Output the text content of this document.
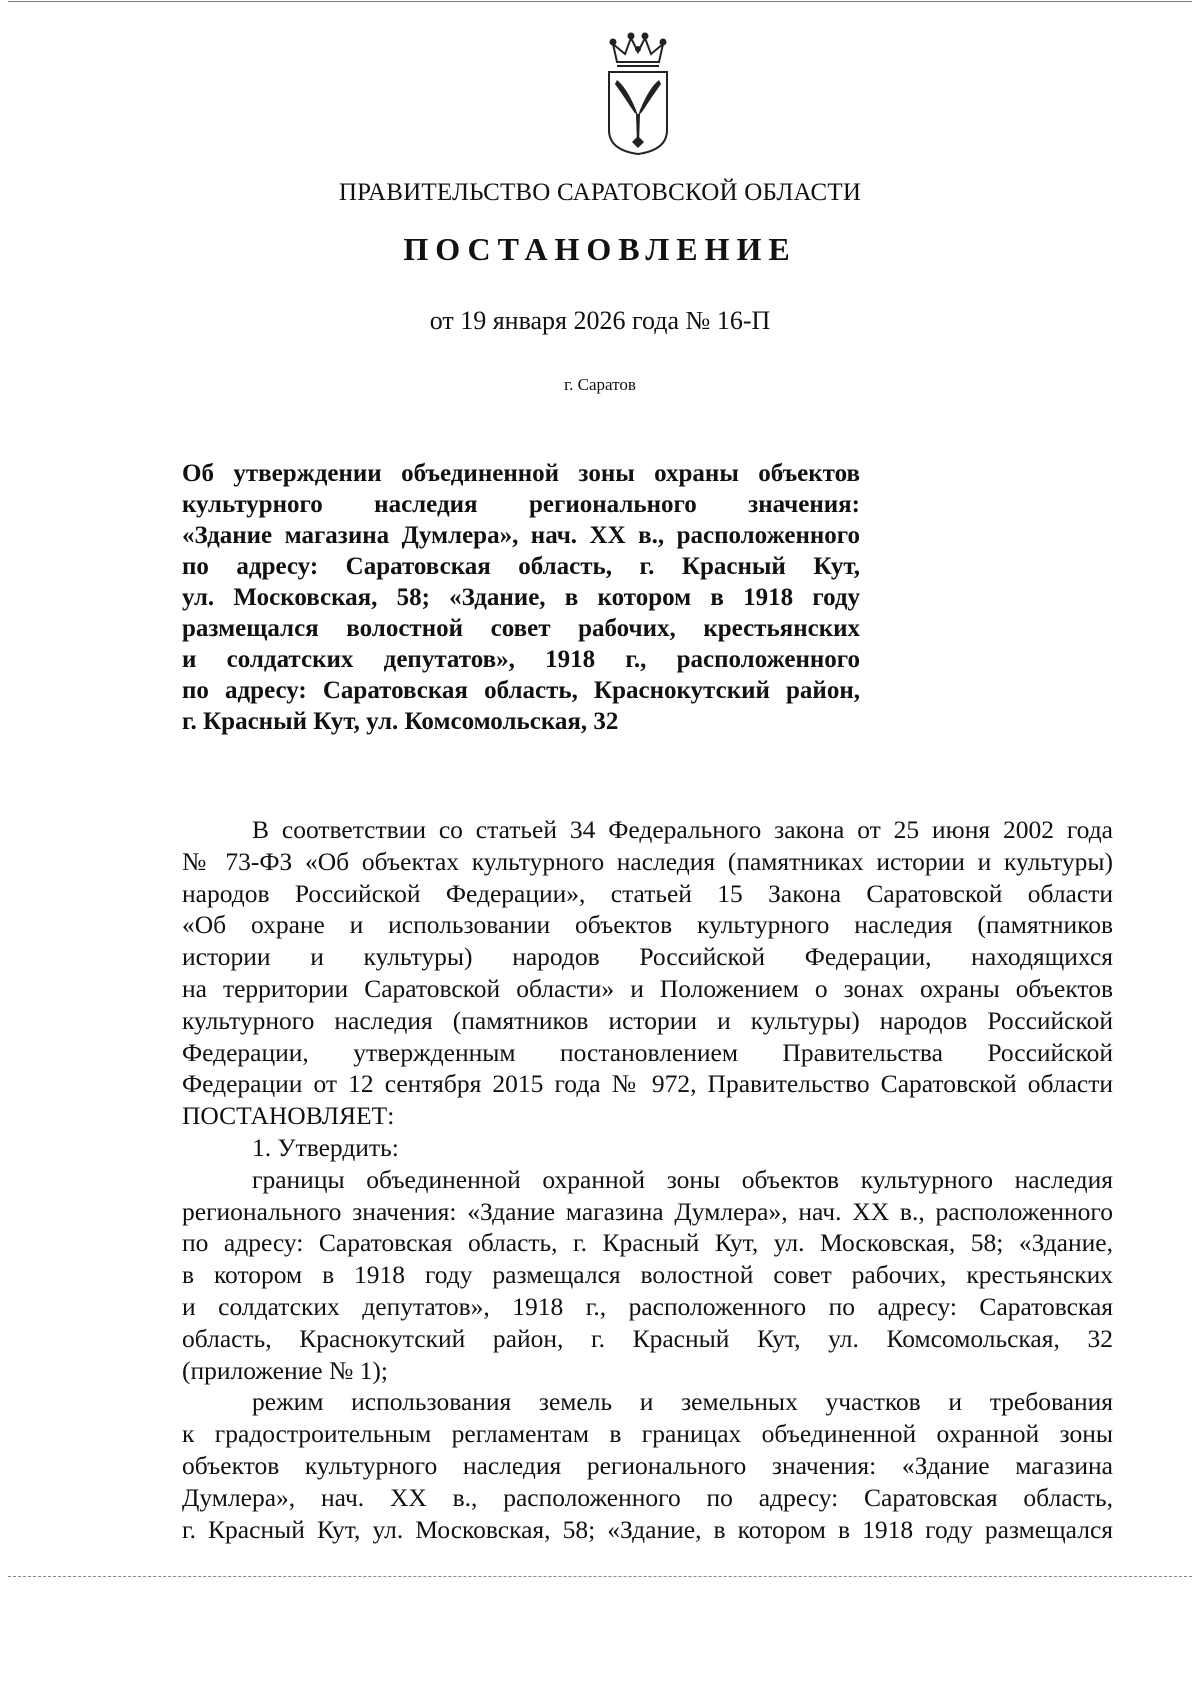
ПРАВИТЕЛЬСТВО САРАТОВСКОЙ ОБЛАСТИ
ПОСТАНОВЛЕНИЕ
от 19 января 2026 года № 16-П
г. Саратов
Об утверждении объединенной зоны охраны объектов
культурного наследия регионального значения:
«Здание магазина Думлера», нач. XX в., расположенного
по адресу: Саратовская область, г. Красный Кут,
ул. Московская, 58; «Здание, в котором в 1918 году
размещался волостной совет рабочих, крестьянских
и солдатских депутатов», 1918 г., расположенного
по адресу: Саратовская область, Краснокутский район,
г. Красный Кут, ул. Комсомольская, 32
В соответствии со статьей 34 Федерального закона от 25 июня 2002 года
№ 73-ФЗ «Об объектах культурного наследия (памятниках истории и культуры)
народов Российской Федерации», статьей 15 Закона Саратовской области
«Об охране и использовании объектов культурного наследия (памятников
истории и культуры) народов Российской Федерации, находящихся
на территории Саратовской области» и Положением о зонах охраны объектов
культурного наследия (памятников истории и культуры) народов Российской
Федерации, утвержденным постановлением Правительства Российской
Федерации от 12 сентября 2015 года № 972, Правительство Саратовской области
ПОСТАНОВЛЯЕТ:
1. Утвердить:
границы объединенной охранной зоны объектов культурного наследия
регионального значения: «Здание магазина Думлера», нач. XX в., расположенного
по адресу: Саратовская область, г. Красный Кут, ул. Московская, 58; «Здание,
в котором в 1918 году размещался волостной совет рабочих, крестьянских
и солдатских депутатов», 1918 г., расположенного по адресу: Саратовская
область, Краснокутский район, г. Красный Кут, ул. Комсомольская, 32
(приложение № 1);
режим использования земель и земельных участков и требования
к градостроительным регламентам в границах объединенной охранной зоны
объектов культурного наследия регионального значения: «Здание магазина
Думлера», нач. XX в., расположенного по адресу: Саратовская область,
г. Красный Кут, ул. Московская, 58; «Здание, в котором в 1918 году размещался
